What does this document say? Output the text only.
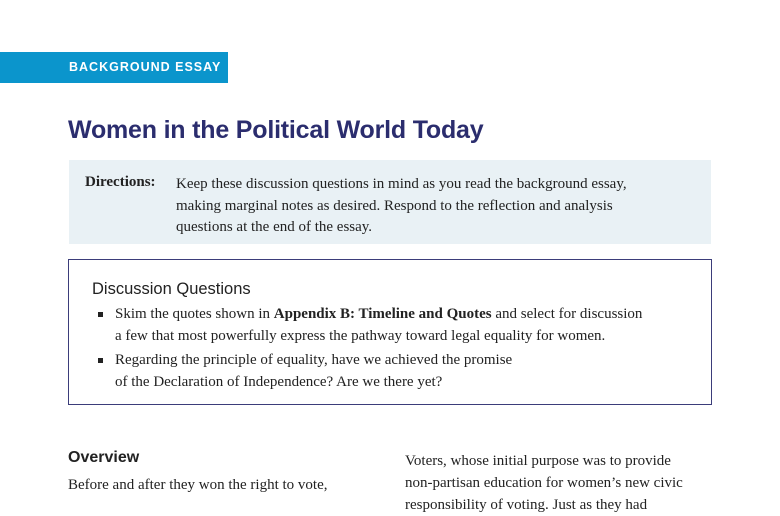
BACKGROUND ESSAY
Women in the Political World Today
Directions: Keep these discussion questions in mind as you read the background essay,
making marginal notes as desired. Respond to the reflection and analysis
questions at the end of the essay.
Discussion Questions
Skim the quotes shown in Appendix B: Timeline and Quotes and select for discussion
a few that most powerfully express the pathway toward legal equality for women.
Regarding the principle of equality, have we achieved the promise
of the Declaration of Independence? Are we there yet?
Overview

Before and after they won the right to vote,

Voters, whose initial purpose was to provide

non-partisan education for women’s new civic

responsibility of voting. Just as they had
